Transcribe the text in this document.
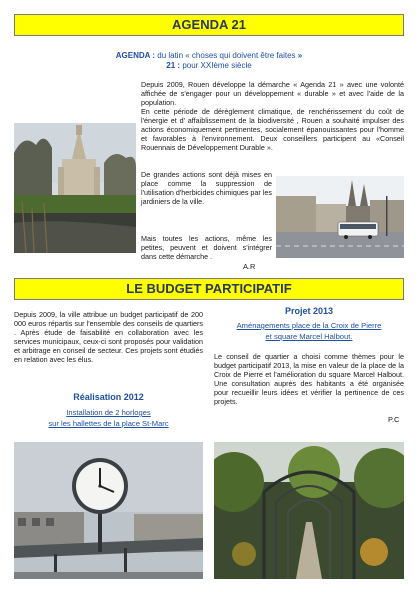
AGENDA 21
AGENDA : du latin « choses qui doivent être faites »
21 : pour XXIème siècle
Depuis 2009, Rouen développe la démarche « Agenda 21 » avec une volonté affichée de s'engager pour un développement « durable » et avec l'aide de la population.
En cette période de dérèglement climatique, de renchérissement du coût de l'énergie et d' affaiblissement de la biodiversité , Rouen a souhaité impulser des actions économiquement pertinentes, socialement épanouissantes pour l'homme et favorables à l'environnement. Deux conseillers participent au «Conseil Rouennais de Développement Durable ».
De grandes actions sont déjà mises en place comme la suppression de l'utilisation d'herbicides chimiques par les jardiniers de la ville.
Mais toutes les actions, même les petites, peuvent et doivent s'intégrer dans cette démarche .
A.R
LE BUDGET PARTICIPATIF
Depuis 2009, la ville attribue un budget participatif de 200 000 euros répartis sur l'ensemble des conseils de quartiers . Après étude de faisabilité en collaboration avec les services municipaux, ceux-ci sont proposés pour validation et arbitrage en conseil de secteur. Ces projets sont étudiés en relation avec les élus.
Réalisation 2012
Installation de 2 horloges
sur les hallettes de la place St-Marc
Projet 2013
Aménagements place de la Croix de Pierre
et square Marcel Halbout.
Le conseil de quartier a choisi comme thèmes pour le budget participatif 2013, la mise en valeur de la place de la Croix de Pierre et l'amélioration du square Marcel Halbout. Une consultation auprès des habitants a été organisée pour recueillir leurs idées et vérifier la pertinence de ces projets.
P.C
